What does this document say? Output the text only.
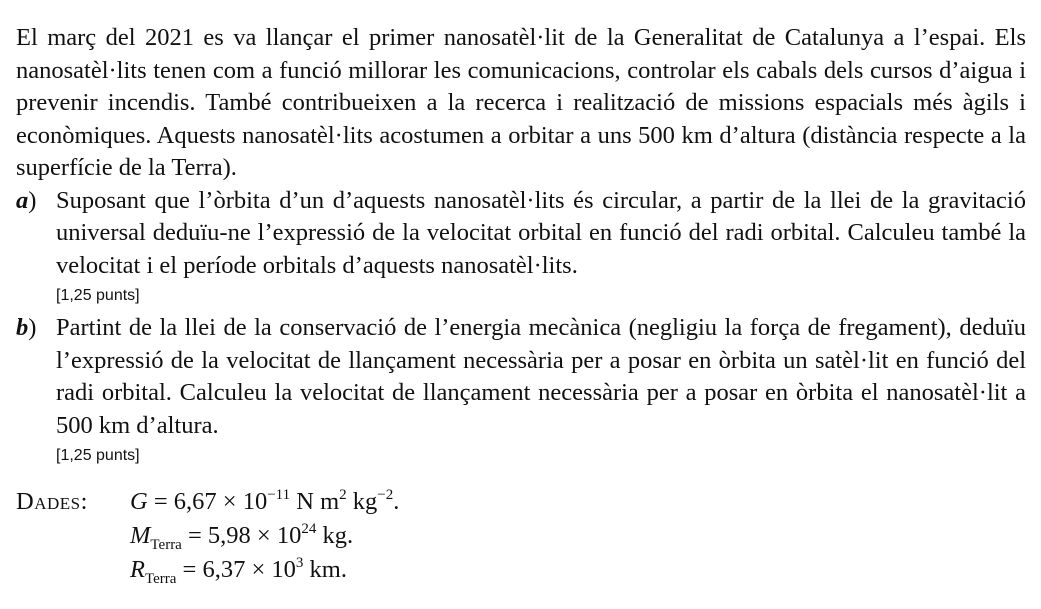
El març del 2021 es va llançar el primer nanosatèl·lit de la Generalitat de Catalunya a l’espai. Els nanosatèl·lits tenen com a funció millorar les comunicacions, controlar els cabals dels cursos d’aigua i prevenir incendis. També contribueixen a la recerca i realització de missions espacials més àgils i econòmiques. Aquests nanosatèl·lits acostumen a orbitar a uns 500 km d’altura (distància respecte a la superfície de la Terra).

a) Suposant que l’òrbita d’un d’aquests nanosatèl·lits és circular, a partir de la llei de la gravitació universal deduïu-ne l’expressió de la velocitat orbital en funció del radi orbital. Calculeu també la velocitat i el període orbitals d’aquests nanosatèl·lits.

[1,25 punts]
b) Partint de la llei de la conservació de l’energia mecànica (negligiu la força de fregament), deduïu l’expressió de la velocitat de llançament necessària per a posar en òrbita un satèl·lit en funció del radi orbital. Calculeu la velocitat de llançament necessària per a posar en òrbita el nanosatèl·lit a 500 km d’altura.

[1,25 punts]
Dades: $G = 6,67 \times 10^{-11}$ N $m^2$ $kg^{-2}$.
$M_{Terra} = 5,98 \times 10^{24}$ kg.
$R_{Terra} = 6,37 \times 10^3$ km.
